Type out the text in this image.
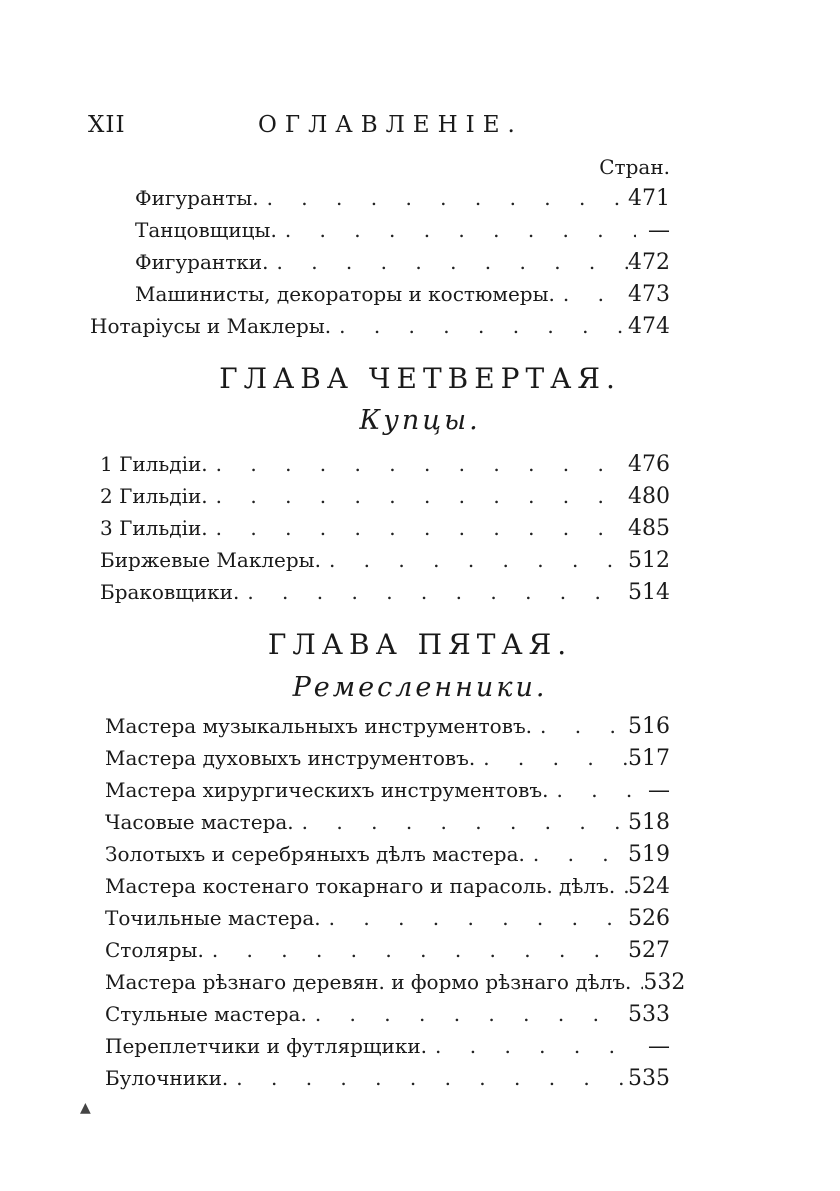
XII	ОГЛАВЛЕНIЕ.
Стран.
Фигуранты. . . .	471
Танцовщицы. . . .	—
Фигурантки. . . .	472
Машинисты, декораторы и костюмеры. . . .	473
Нотаріусы и Маклеры. . . .	474
ГЛАВА ЧЕТВЕРТАЯ.
Купцы.
1 Гильдіи. . . .	476
2 Гильдіи. . . .	480
3 Гильдіи. . . .	485
Биржевые Маклеры. . . .	512
Браковщики. . . .	514
ГЛАВА ПЯТАЯ.
Ремесленники.
Мастера музыкальныхъ инструментовъ. . . .	516
Мастера духовыхъ инструментовъ. . . .	517
Мастера хирургическихъ инструментовъ. . . .	—
Часовые мастера. . . .	518
Золотыхъ и серебряныхъ дѣлъ мастера. . . .	519
Мастера костенаго токарнаго и парасоль. дѣлъ. . . . 524
Точильные мастера. . . .	526
Столяры. . . .	527
Мастера рѣзнаго деревян. и формо рѣзнаго дѣлъ. . . . 532
Стульные мастера. . . .	533
Переплетчики и футлярщики. . . .	—
Булочники. . . .	535
▲
